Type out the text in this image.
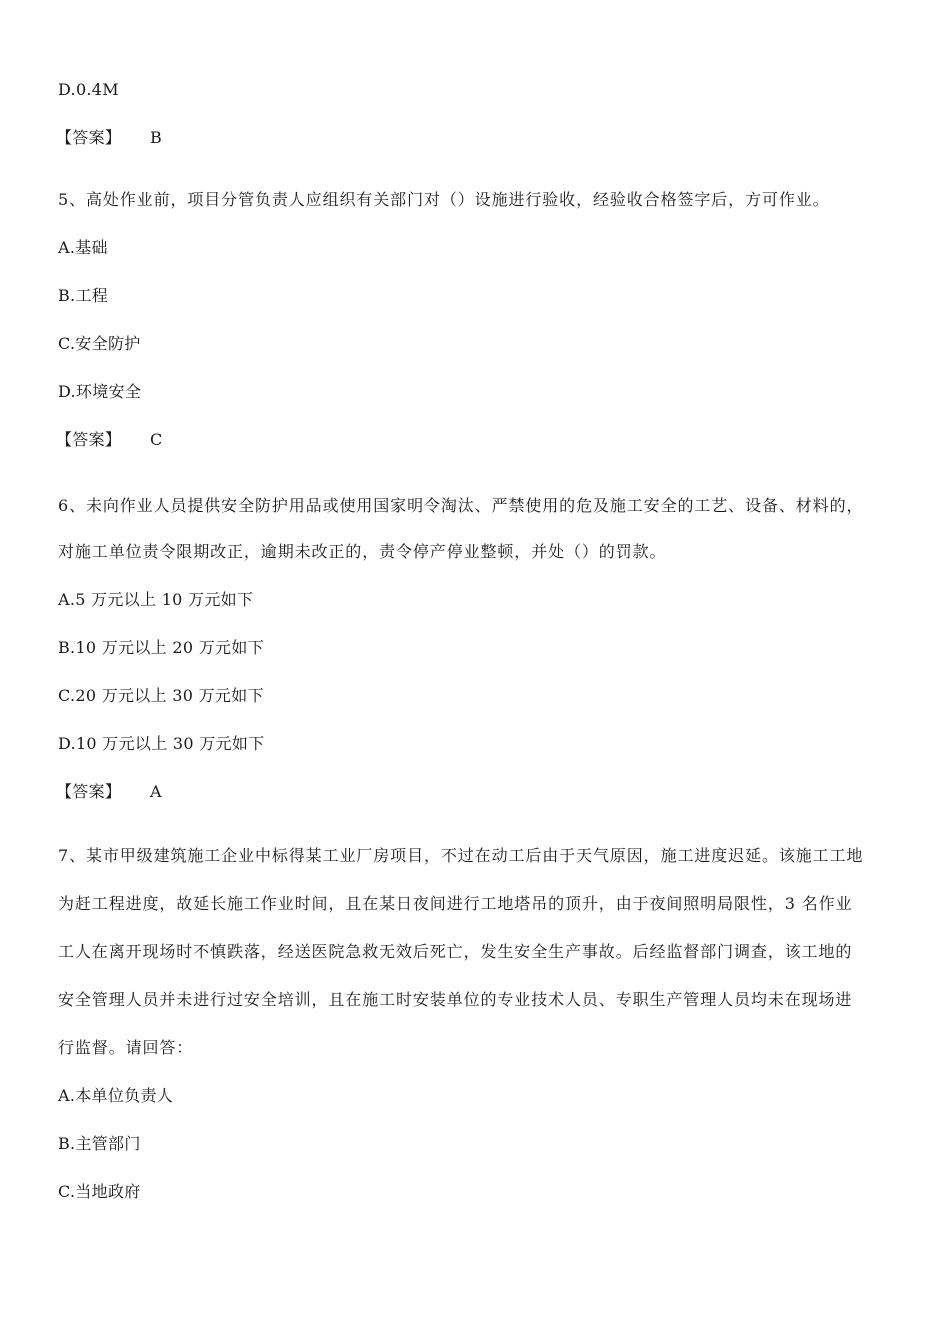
D.0.4M
【答案】 B
5、高处作业前，项目分管负责人应组织有关部门对（）设施进行验收，经验收合格签字后，方可作业。
A.基础
B.工程
C.安全防护
D.环境安全
【答案】 C
6、未向作业人员提供安全防护用品或使用国家明令淘汰、严禁使用的危及施工安全的工艺、设备、材料的，
对施工单位责令限期改正，逾期未改正的，责令停产停业整顿，并处（）的罚款。
A.5 万元以上 10 万元如下
B.10 万元以上 20 万元如下
C.20 万元以上 30 万元如下
D.10 万元以上 30 万元如下
【答案】 A
7、某市甲级建筑施工企业中标得某工业厂房项目，不过在动工后由于天气原因，施工进度迟延。该施工工地
为赶工程进度，故延长施工作业时间，且在某日夜间进行工地塔吊的顶升，由于夜间照明局限性，3 名作业
工人在离开现场时不慎跌落，经送医院急救无效后死亡，发生安全生产事故。后经监督部门调查，该工地的
安全管理人员并未进行过安全培训，且在施工时安装单位的专业技术人员、专职生产管理人员均未在现场进
行监督。请回答：
A.本单位负责人
B.主管部门
C.当地政府
